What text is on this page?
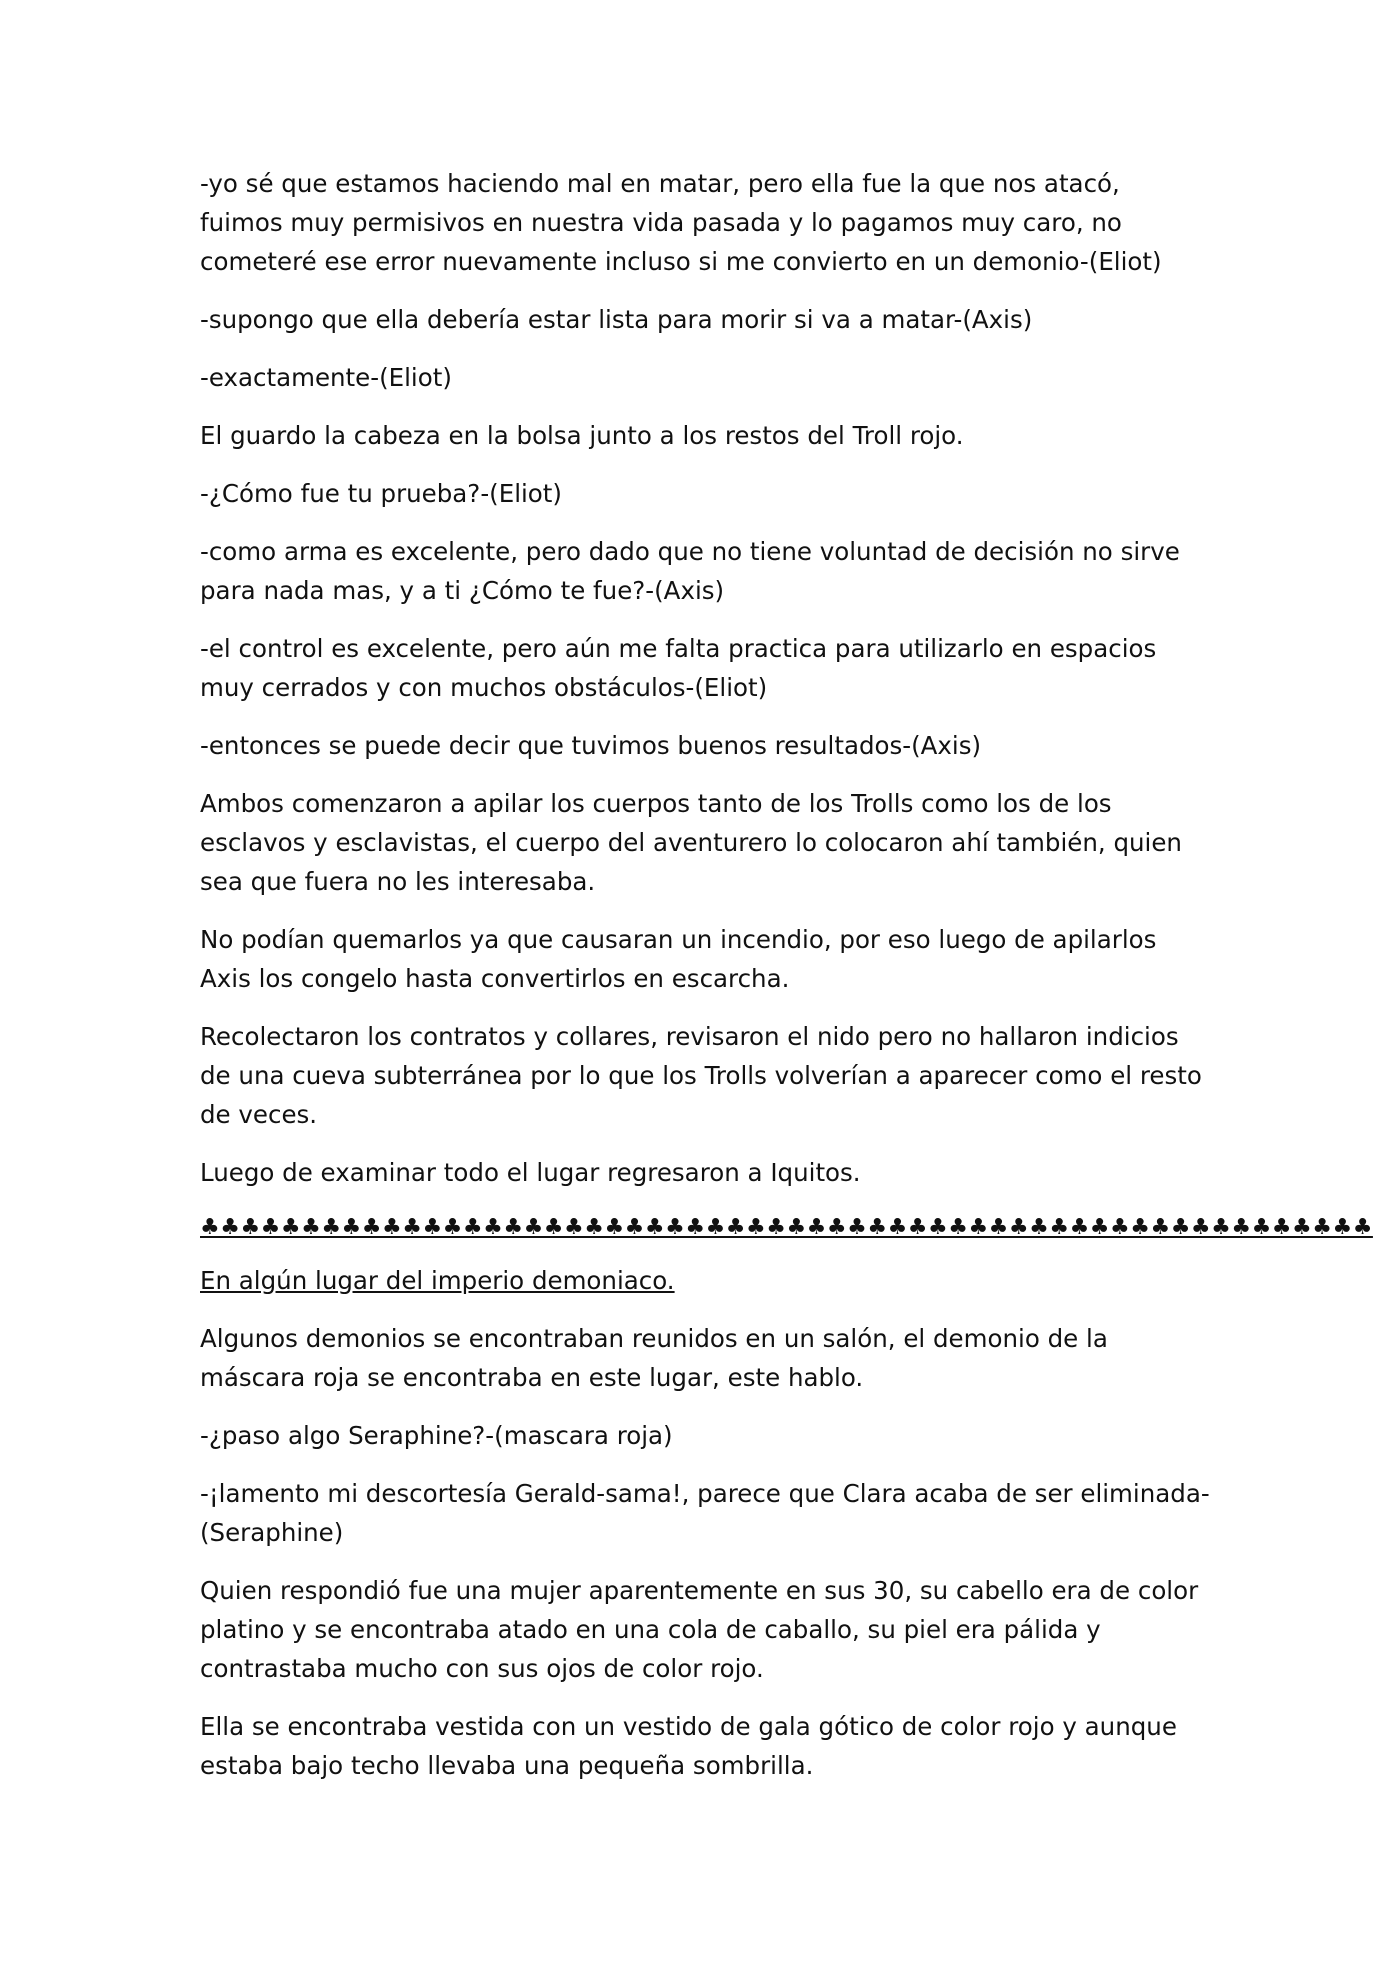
-yo sé que estamos haciendo mal en matar, pero ella fue la que nos atacó, fuimos muy permisivos en nuestra vida pasada y lo pagamos muy caro, no cometeré ese error nuevamente incluso si me convierto en un demonio-(Eliot)

-supongo que ella debería estar lista para morir si va a matar-(Axis)

-exactamente-(Eliot)

El guardo la cabeza en la bolsa junto a los restos del Troll rojo.

-¿Cómo fue tu prueba?-(Eliot)

-como arma es excelente, pero dado que no tiene voluntad de decisión no sirve para nada mas, y a ti ¿Cómo te fue?-(Axis)

-el control es excelente, pero aún me falta practica para utilizarlo en espacios muy cerrados y con muchos obstáculos-(Eliot)

-entonces se puede decir que tuvimos buenos resultados-(Axis)

Ambos comenzaron a apilar los cuerpos tanto de los Trolls como los de los esclavos y esclavistas, el cuerpo del aventurero lo colocaron ahí también, quien sea que fuera no les interesaba.

No podían quemarlos ya que causaran un incendio, por eso luego de apilarlos Axis los congelo hasta convertirlos en escarcha.

Recolectaron los contratos y collares, revisaron el nido pero no hallaron indicios de una cueva subterránea por lo que los Trolls volverían a aparecer como el resto de veces.

Luego de examinar todo el lugar regresaron a Iquitos.

♣♣♣♣♣♣♣♣♣♣♣♣♣♣♣♣♣♣♣♣♣♣♣♣♣♣♣♣♣♣♣♣♣♣♣♣♣♣♣♣♣♣♣♣♣♣♣♣♣♣♣♣♣♣♣♣♣♣

En algún lugar del imperio demoniaco.

Algunos demonios se encontraban reunidos en un salón, el demonio de la máscara roja se encontraba en este lugar, este hablo.

-¿paso algo Seraphine?-(mascara roja)

-¡lamento mi descortesía Gerald-sama!, parece que Clara acaba de ser eliminada-(Seraphine)

Quien respondió fue una mujer aparentemente en sus 30, su cabello era de color platino y se encontraba atado en una cola de caballo, su piel era pálida y contrastaba mucho con sus ojos de color rojo.

Ella se encontraba vestida con un vestido de gala gótico de color rojo y aunque estaba bajo techo llevaba una pequeña sombrilla.
